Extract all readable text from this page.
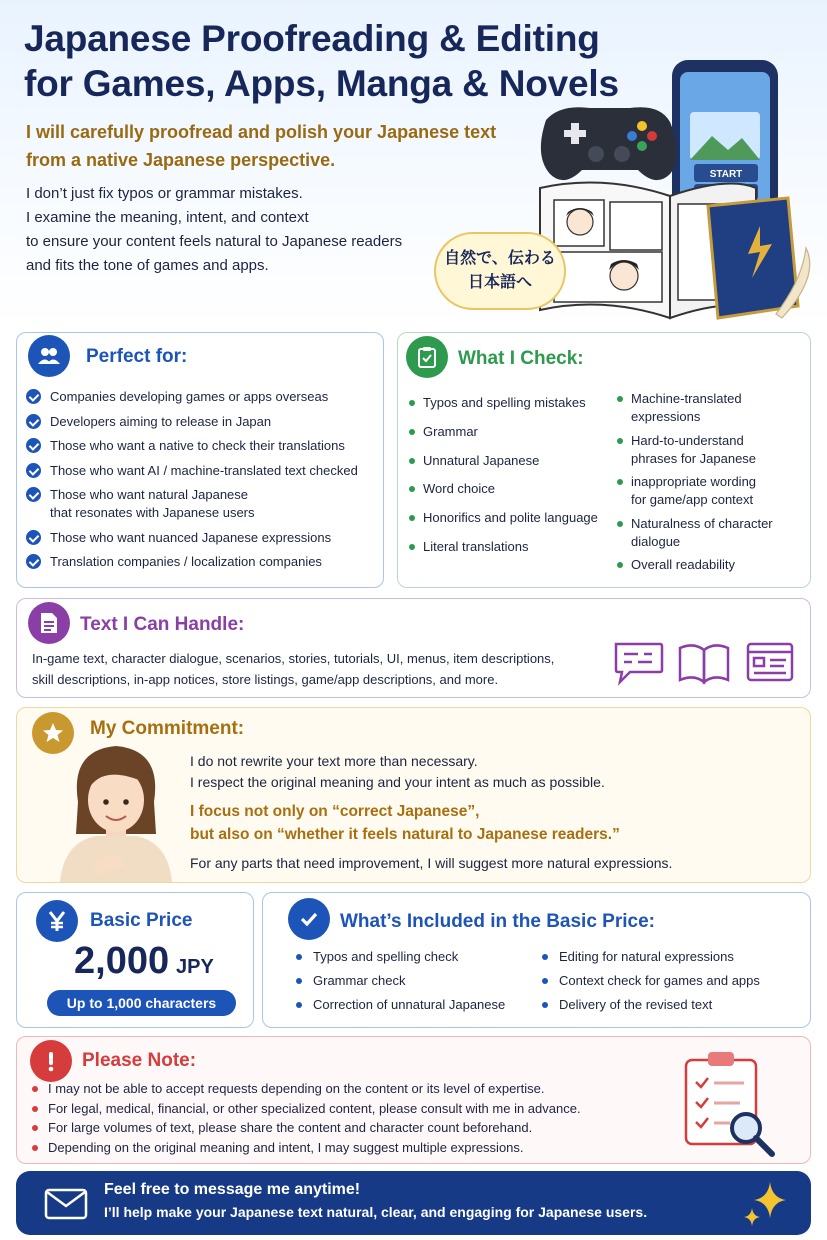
Japanese Proofreading & Editing
for Games, Apps, Manga & Novels
I will carefully proofread and polish your Japanese text
from a native Japanese perspective.
I don’t just fix typos or grammar mistakes.
I examine the meaning, intent, and context
to ensure your content feels natural to Japanese readers
and fits the tone of games and apps.
START
自然で、伝わる
日本語へ
Perfect for:
Companies developing games or apps overseas
Developers aiming to release in Japan
Those who want a native to check their translations
Those who want AI / machine-translated text checked
Those who want natural Japanese
that resonates with Japanese users
Those who want nuanced Japanese expressions
Translation companies / localization companies
What I Check:
Typos and spelling mistakes
Grammar
Unnatural Japanese
Word choice
Honorifics and polite language
Literal translations
Machine-translated
expressions
Hard-to-understand
phrases for Japanese
inappropriate wording
for game/app context
Naturalness of character
dialogue
Overall readability
Text I Can Handle:
In-game text, character dialogue, scenarios, stories, tutorials, UI, menus, item descriptions,
skill descriptions, in-app notices, store listings, game/app descriptions, and more.
My Commitment:
I do not rewrite your text more than necessary.
I respect the original meaning and your intent as much as possible.
I focus not only on “correct Japanese”,
but also on “whether it feels natural to Japanese readers.”
For any parts that need improvement, I will suggest more natural expressions.
Basic Price
2,000 JPY
Up to 1,000 characters
What’s Included in the Basic Price:
Typos and spelling check
Grammar check
Correction of unnatural Japanese
Editing for natural expressions
Context check for games and apps
Delivery of the revised text
Please Note:
I may not be able to accept requests depending on the content or its level of expertise.
For legal, medical, financial, or other specialized content, please consult with me in advance.
For large volumes of text, please share the content and character count beforehand.
Depending on the original meaning and intent, I may suggest multiple expressions.
Feel free to message me anytime!
I’ll help make your Japanese text natural, clear, and engaging for Japanese users.
